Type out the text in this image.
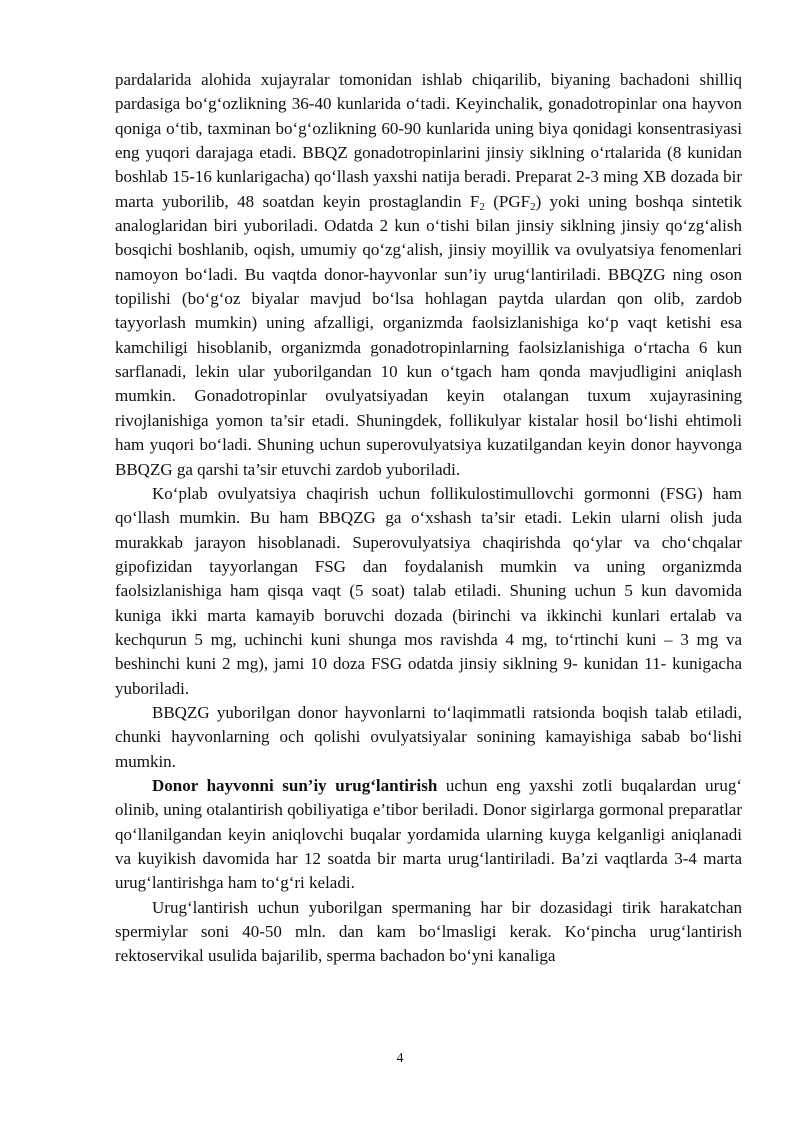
pardalarida alohida xujayralar tomonidan ishlab chiqarilib, biyaning bachadoni shilliq pardasiga bo‘g‘ozlikning 36-40 kunlarida o‘tadi. Keyinchalik, gonadotropinlar ona hayvon qoniga o‘tib, taxminan bo‘g‘ozlikning 60-90 kunlarida uning biya qonidagi konsentrasiyasi eng yuqori darajaga etadi. BBQZ gonadotropinlarini jinsiy siklning o‘rtalarida (8 kunidan boshlab 15-16 kunlarigacha) qo‘llash yaxshi natija beradi. Preparat 2-3 ming XB dozada bir marta yuborilib, 48 soatdan keyin prostaglandin $F_2$ $(PGF_2)$ yoki uning boshqa sintetik analoglaridan biri yuboriladi. Odatda 2 kun o‘tishi bilan jinsiy siklning jinsiy qo‘zg‘alish bosqichi boshlanib, oqish, umumiy qo‘zg‘alish, jinsiy moyillik va ovulyatsiya fenomenlari namoyon bo‘ladi. Bu vaqtda donor-hayvonlar sun’iy urug‘lantiriladi. BBQZG ning oson topilishi (bo‘g‘oz biyalar mavjud bo‘lsa hohlagan paytda ulardan qon olib, zardob tayyorlash mumkin) uning afzalligi, organizmda faolsizlanishiga ko‘p vaqt ketishi esa kamchiligi hisoblanib, organizmda gonadotropinlarning faolsizlanishiga o‘rtacha 6 kun sarflanadi, lekin ular yuborilgandan 10 kun o‘tgach ham qonda mavjudligini aniqlash mumkin. Gonadotropinlar ovulyatsiyadan keyin otalangan tuxum xujayrasining rivojlanishiga yomon ta’sir etadi. Shuningdek, follikulyar kistalar hosil bo‘lishi ehtimoli ham yuqori bo‘ladi. Shuning uchun superovulyatsiya kuzatilgandan keyin donor hayvonga BBQZG ga qarshi ta’sir etuvchi zardob yuboriladi.

Ko‘plab ovulyatsiya chaqirish uchun follikulostimullovchi gormonni (FSG) ham qo‘llash mumkin. Bu ham BBQZG ga o‘xshash ta’sir etadi. Lekin ularni olish juda murakkab jarayon hisoblanadi. Superovulyatsiya chaqirishda qo‘ylar va cho‘chqalar gipofizidan tayyorlangan FSG dan foydalanish mumkin va uning organizmda faolsizlanishiga ham qisqa vaqt (5 soat) talab etiladi. Shuning uchun 5 kun davomida kuniga ikki marta kamayib boruvchi dozada (birinchi va ikkinchi kunlari ertalab va kechqurun 5 mg, uchinchi kuni shunga mos ravishda 4 mg, to‘rtinchi kuni – 3 mg va beshinchi kuni 2 mg), jami 10 doza FSG odatda jinsiy siklning 9- kunidan 11- kunigacha yuboriladi.

BBQZG yuborilgan donor hayvonlarni to‘laqimmatli ratsionda boqish talab etiladi, chunki hayvonlarning och qolishi ovulyatsiyalar sonining kamayishiga sabab bo‘lishi mumkin.

Donor hayvonni sun’iy urug‘lantirish uchun eng yaxshi zotli buqalardan urug‘ olinib, uning otalantirish qobiliyatiga e’tibor beriladi. Donor sigirlarga gormonal preparatlar qo‘llanilgandan keyin aniqlovchi buqalar yordamida ularning kuyga kelganligi aniqlanadi va kuyikish davomida har 12 soatda bir marta urug‘lantiriladi. Ba’zi vaqtlarda 3-4 marta urug‘lantirishga ham to‘g‘ri keladi.

Urug‘lantirish uchun yuborilgan spermaning har bir dozasidagi tirik harakatchan spermiylar soni 40-50 mln. dan kam bo‘lmasligi kerak. Ko‘pincha urug‘lantirish rektoservikal usulida bajarilib, sperma bachadon bo‘yni kanaliga

4
